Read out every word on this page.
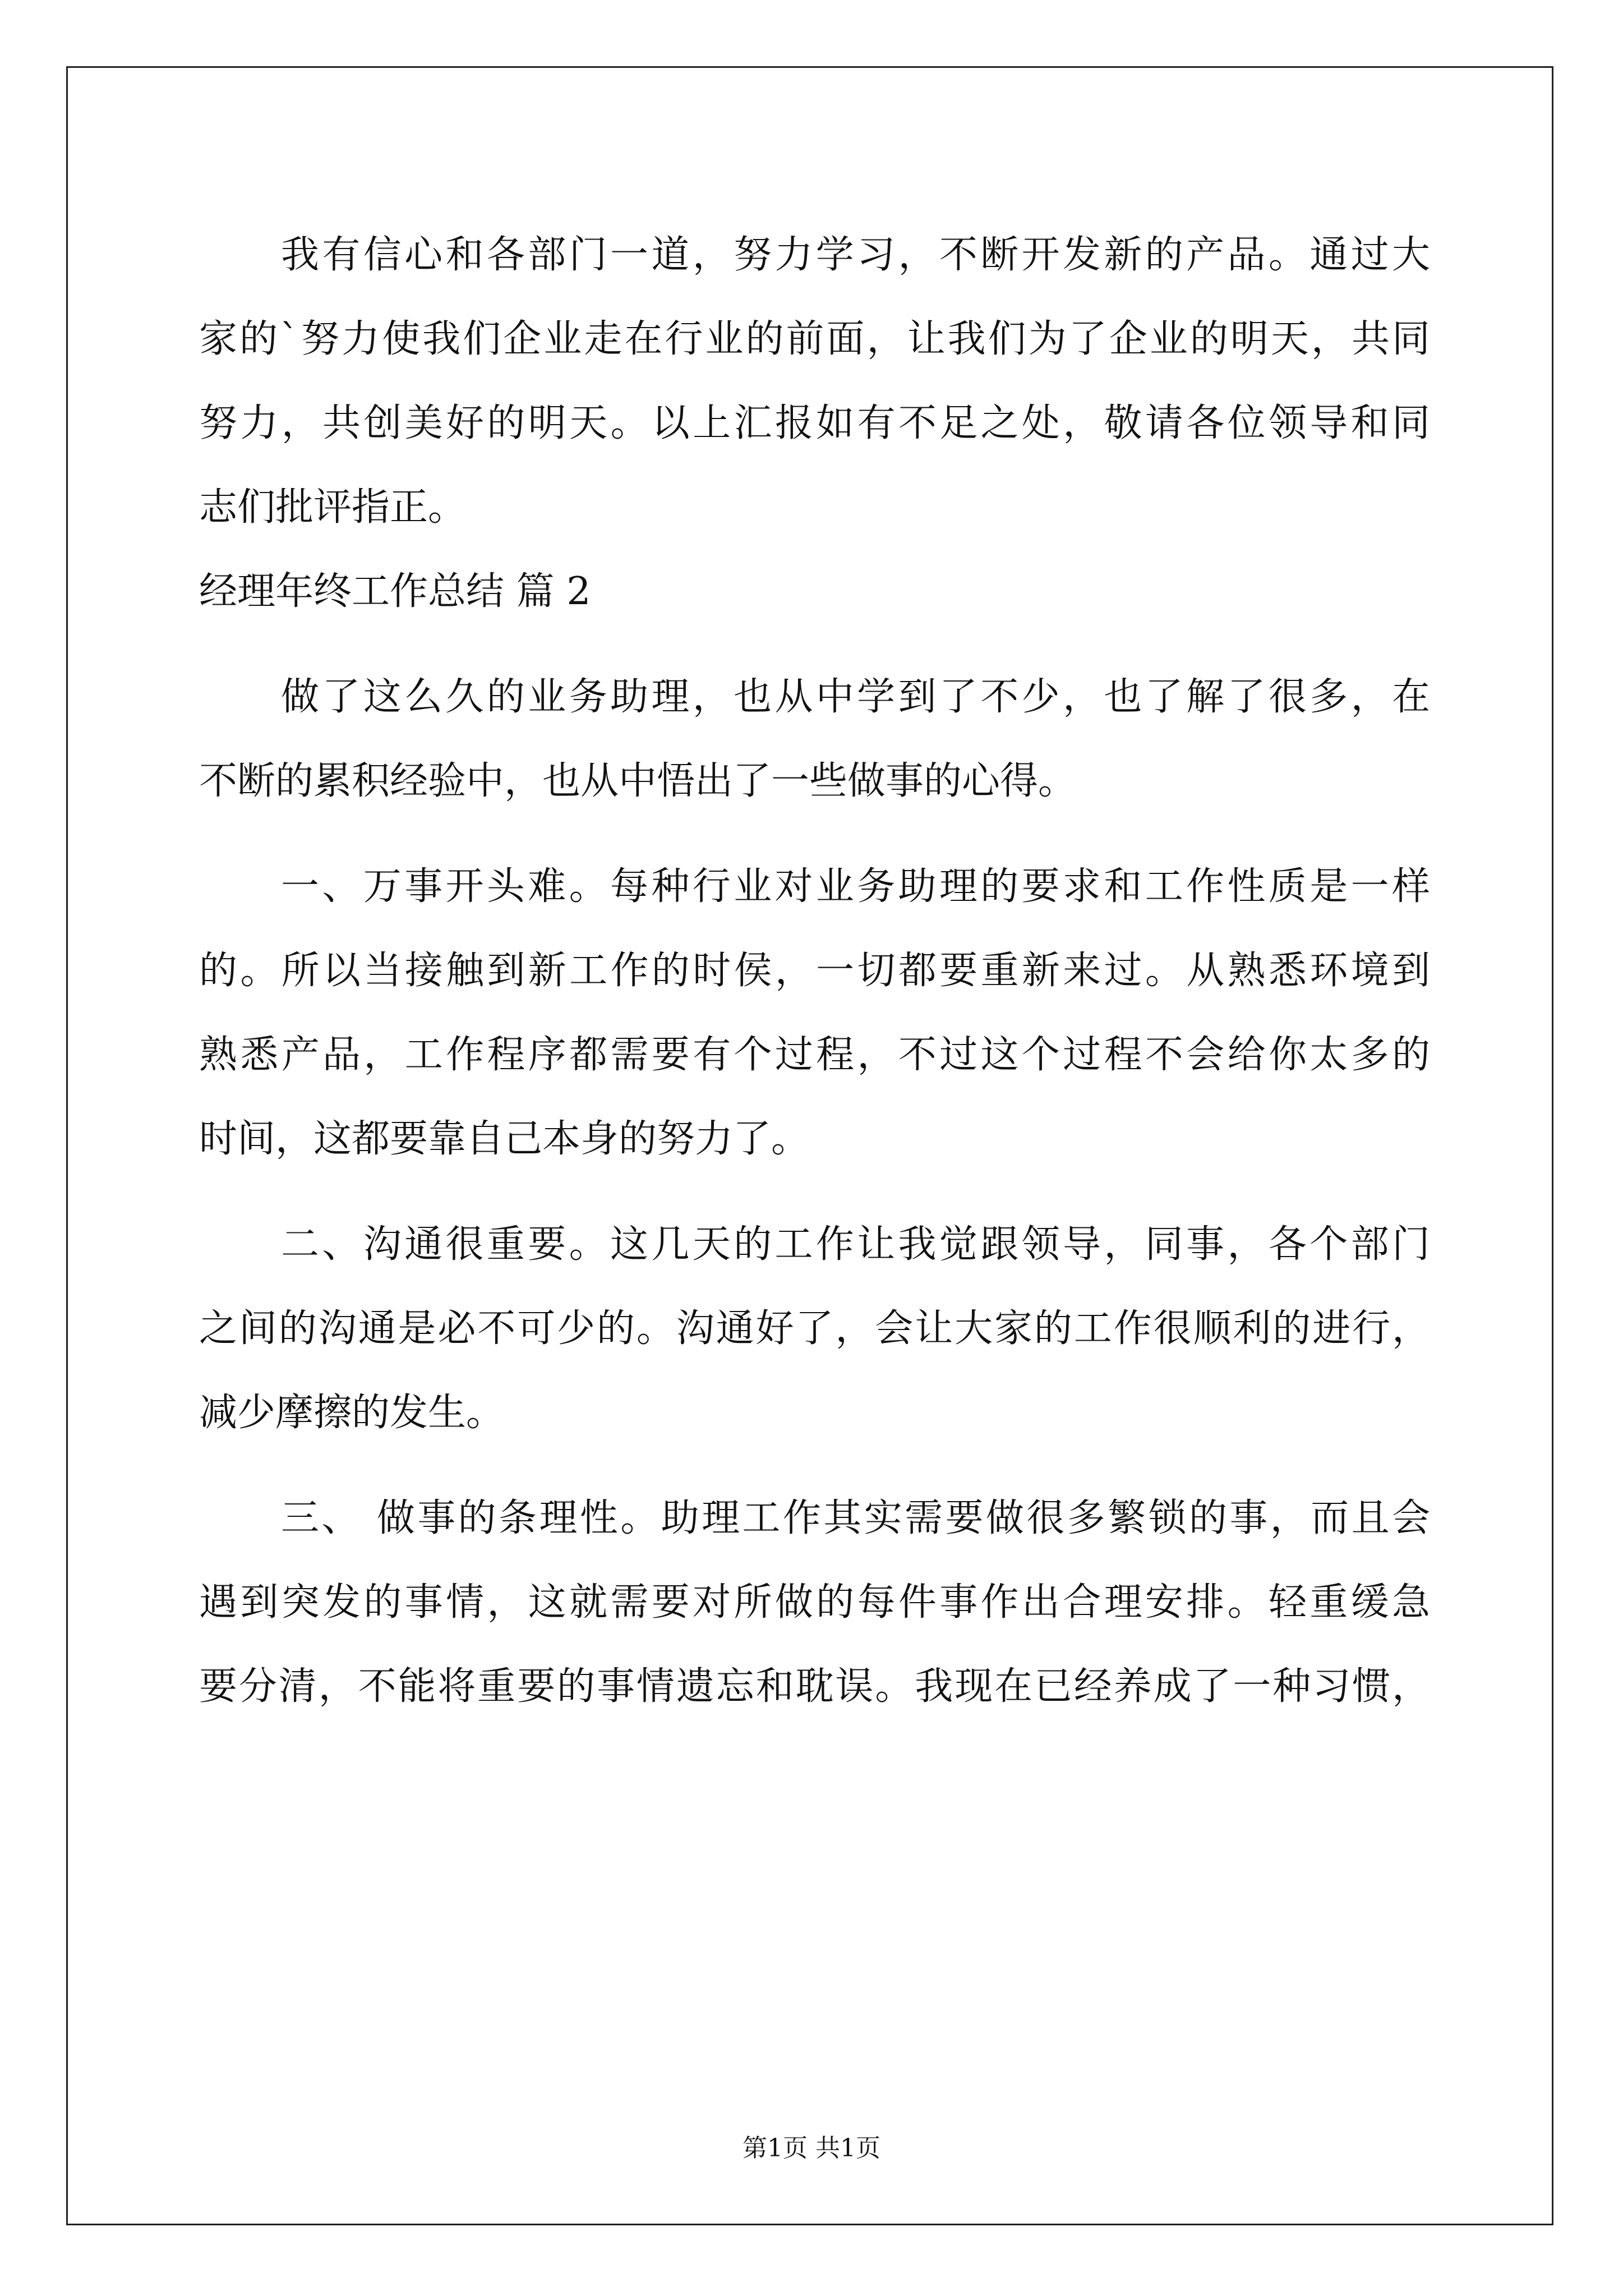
我有信心和各部门一道，努力学习，不断开发新的产品。通过大
家的`努力使我们企业走在行业的前面，让我们为了企业的明天，共同
努力，共创美好的明天。以上汇报如有不足之处，敬请各位领导和同
志们批评指正。
经理年终工作总结 篇 2
做了这么久的业务助理，也从中学到了不少，也了解了很多，在
不断的累积经验中，也从中悟出了一些做事的心得。
一、万事开头难。每种行业对业务助理的要求和工作性质是一样
的。所以当接触到新工作的时侯，一切都要重新来过。从熟悉环境到
熟悉产品，工作程序都需要有个过程，不过这个过程不会给你太多的
时间，这都要靠自己本身的努力了。
二、沟通很重要。这几天的工作让我觉跟领导，同事，各个部门
之间的沟通是必不可少的。沟通好了，会让大家的工作很顺利的进行，
减少摩擦的发生。
三、 做事的条理性。助理工作其实需要做很多繁锁的事，而且会
遇到突发的事情，这就需要对所做的每件事作出合理安排。轻重缓急
要分清，不能将重要的事情遗忘和耽误。我现在已经养成了一种习惯，
第1页 共1页
